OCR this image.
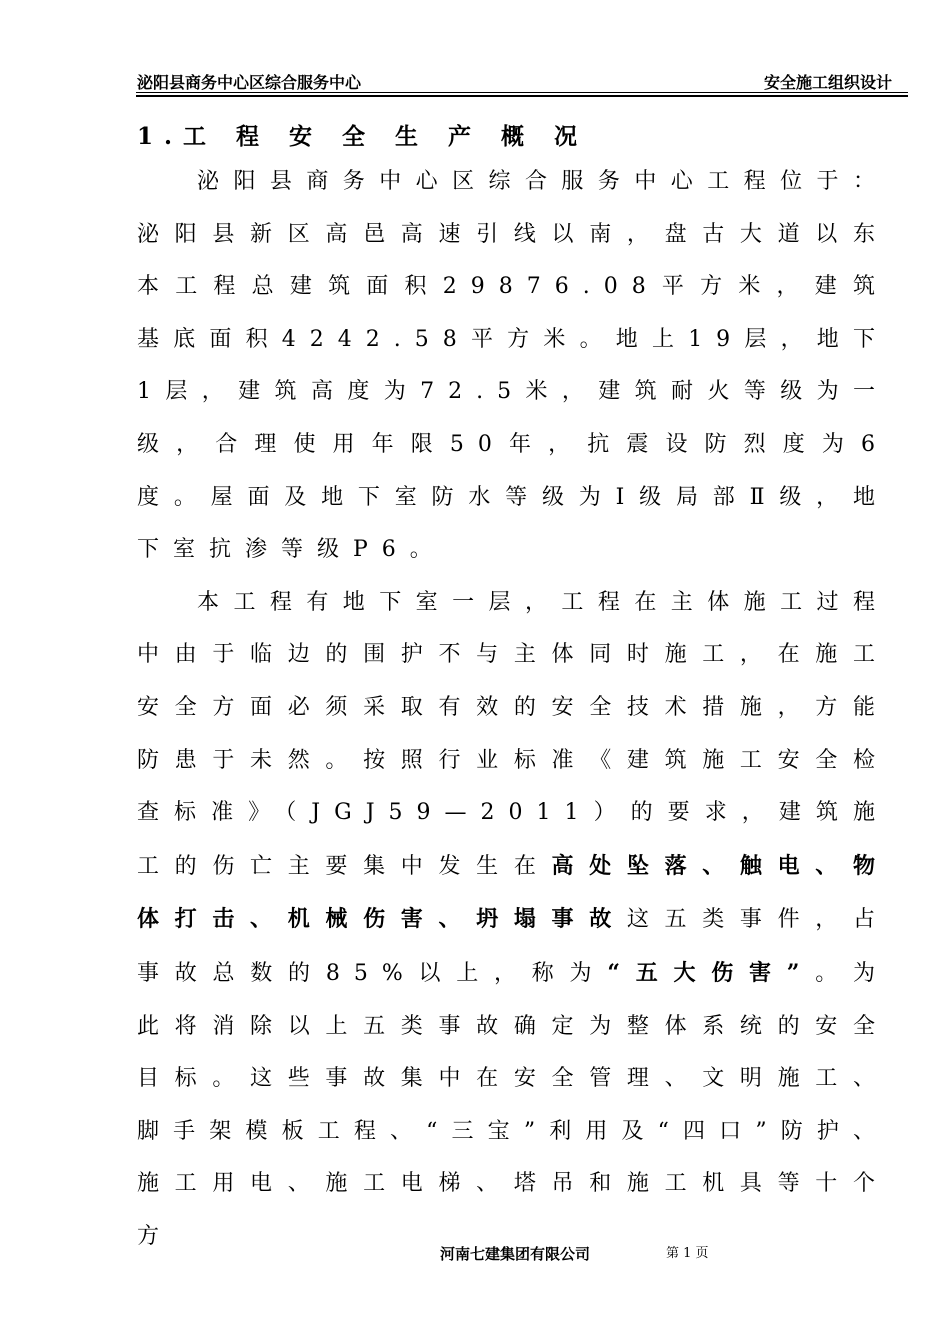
泌阳县商务中心区综合服务中心	安全施工组织设计
1.工 程 安 全 生 产 概 况

泌阳县商务中心区综合服务中心工程位于：泌阳县新区高邑高速引线以南，盘古大道以东本工程总建筑面积29876.08平方米，建筑基底面积4242.58平方米。地上19层，地下1层，建筑高度为72.5米，建筑耐火等级为一级，合理使用年限50年，抗震设防烈度为6度。屋面及地下室防水等级为Ⅰ级局部Ⅱ级，地下室抗渗等级P6。

本工程有地下室一层，工程在主体施工过程中由于临边的围护不与主体同时施工，在施工安全方面必须采取有效的安全技术措施，方能防患于未然。按照行业标准《建筑施工安全检查标准》（JGJ59—2011）的要求，建筑施工的伤亡主要集中发生在高处坠落、触电、物体打击、机械伤害、坍塌事故这五类事件，占事故总数的85%以上，称为“五大伤害”。为此将消除以上五类事故确定为整体系统的安全目标。这些事故集中在安全管理、文明施工、脚手架模板工程、“三宝”利用及“四口”防护、施工用电、施工电梯、塔吊和施工机具等十个方

河南七建集团有限公司	第 1 页
